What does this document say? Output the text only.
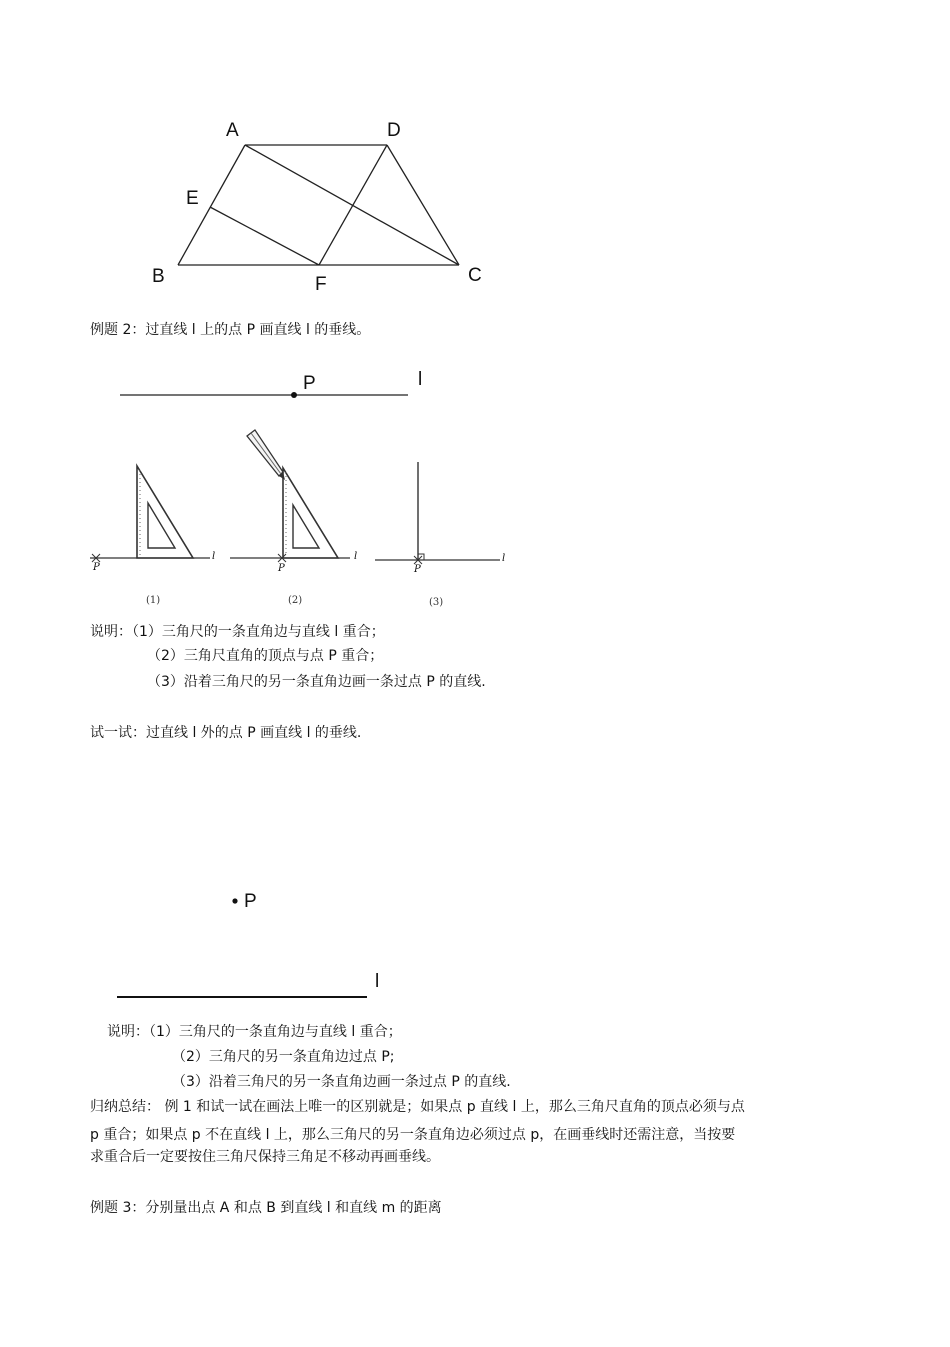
A	D
E
B	F	C
例题 2：过直线 l 上的点 P 画直线 l 的垂线。
P	l
P
l
(1)
P
l
(2)
P
l
(3)
说明：（1）三角尺的一条直角边与直线 l 重合；
（2）三角尺直角的顶点与点 P 重合；
（3）沿着三角尺的另一条直角边画一条过点 P 的直线.
试一试：过直线 l 外的点 P 画直线 l 的垂线.
P
l
说明：（1）三角尺的一条直角边与直线 l 重合；
（2）三角尺的另一条直角边过点 P;
（3）沿着三角尺的另一条直角边画一条过点 P 的直线.
归纳总结： 例 1 和试一试在画法上唯一的区别就是；如果点 p 直线 l 上，那么三角尺直角的顶点必须与点
p 重合；如果点 p 不在直线 l 上，那么三角尺的另一条直角边必须过点 p，在画垂线时还需注意，当按要
求重合后一定要按住三角尺保持三角足不移动再画垂线。
例题 3：分别量出点 A 和点 B 到直线 l 和直线 m 的距离
